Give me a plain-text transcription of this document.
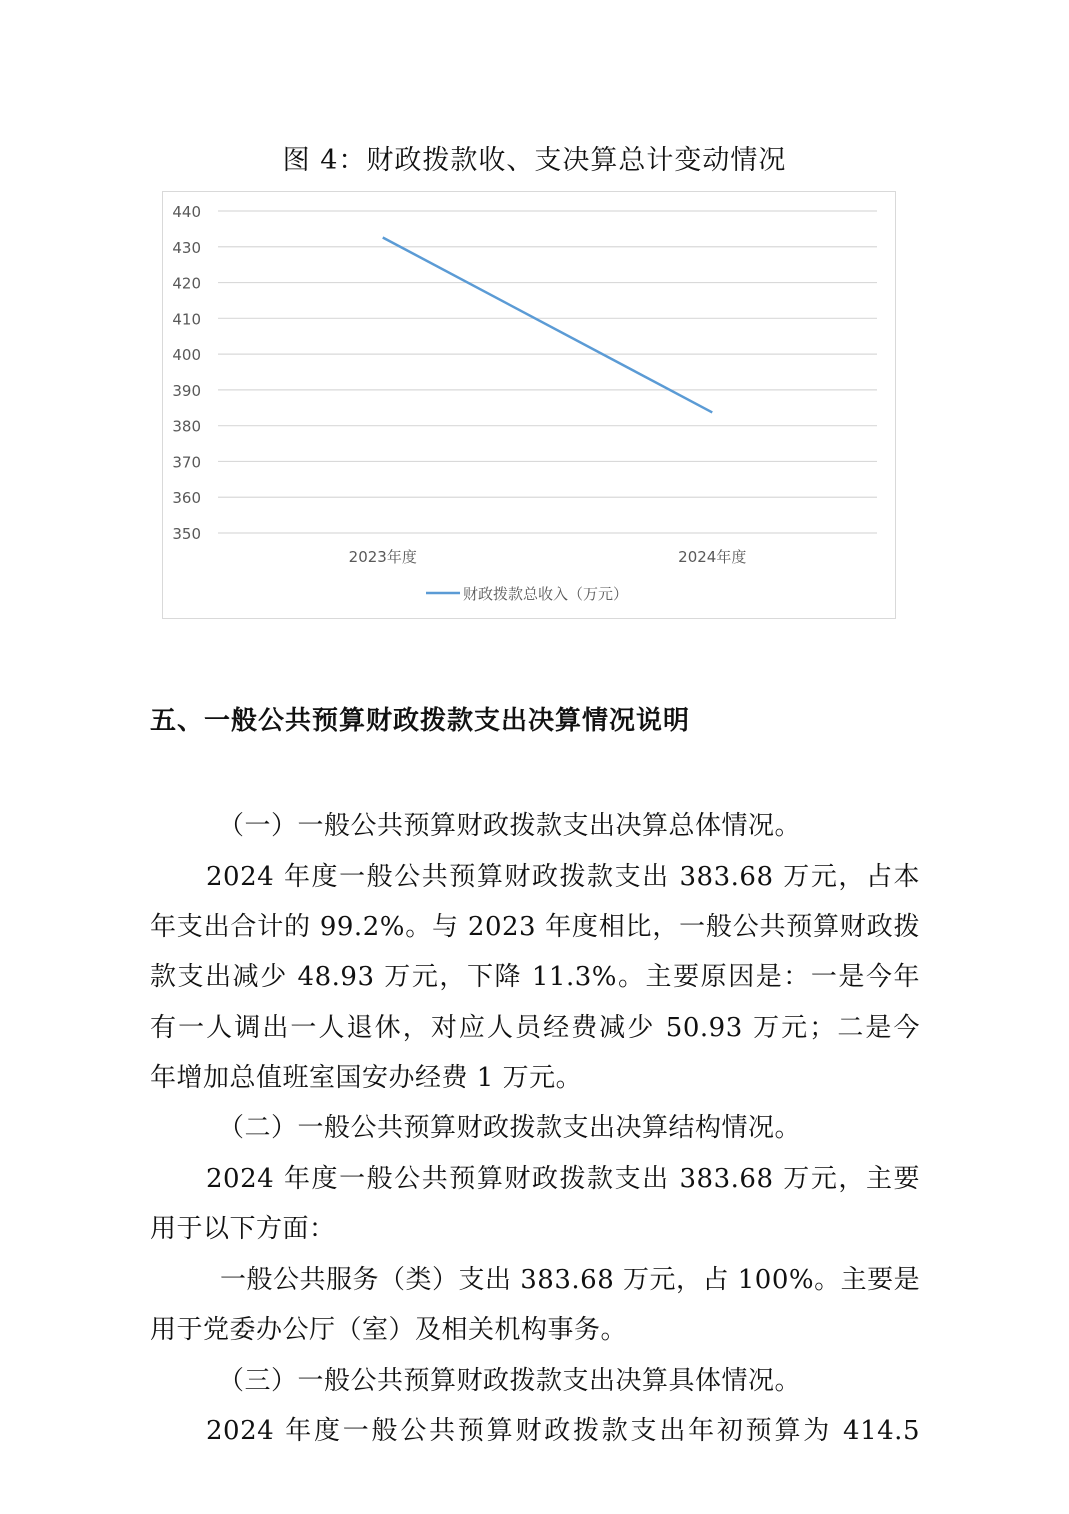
图 4：财政拨款收、支决算总计变动情况
350
360
370
380
390
400
410
420
430
440
2023年度	2024年度
财政拨款总收入（万元）
五、一般公共预算财政拨款支出决算情况说明
（一）一般公共预算财政拨款支出决算总体情况。
2024 年度一般公共预算财政拨款支出 383.68 万元，占本
年支出合计的 99.2%。与 2023 年度相比，一般公共预算财政拨
款支出减少 48.93 万元，下降 11.3%。主要原因是：一是今年
有一人调出一人退休，对应人员经费减少 50.93 万元；二是今
年增加总值班室国安办经费 1 万元。
（二）一般公共预算财政拨款支出决算结构情况。
2024 年度一般公共预算财政拨款支出 383.68 万元，主要
用于以下方面：
一般公共服务（类）支出 383.68 万元，占 100%。主要是
用于党委办公厅（室）及相关机构事务。
（三）一般公共预算财政拨款支出决算具体情况。
2024 年度一般公共预算财政拨款支出年初预算为 414.5
